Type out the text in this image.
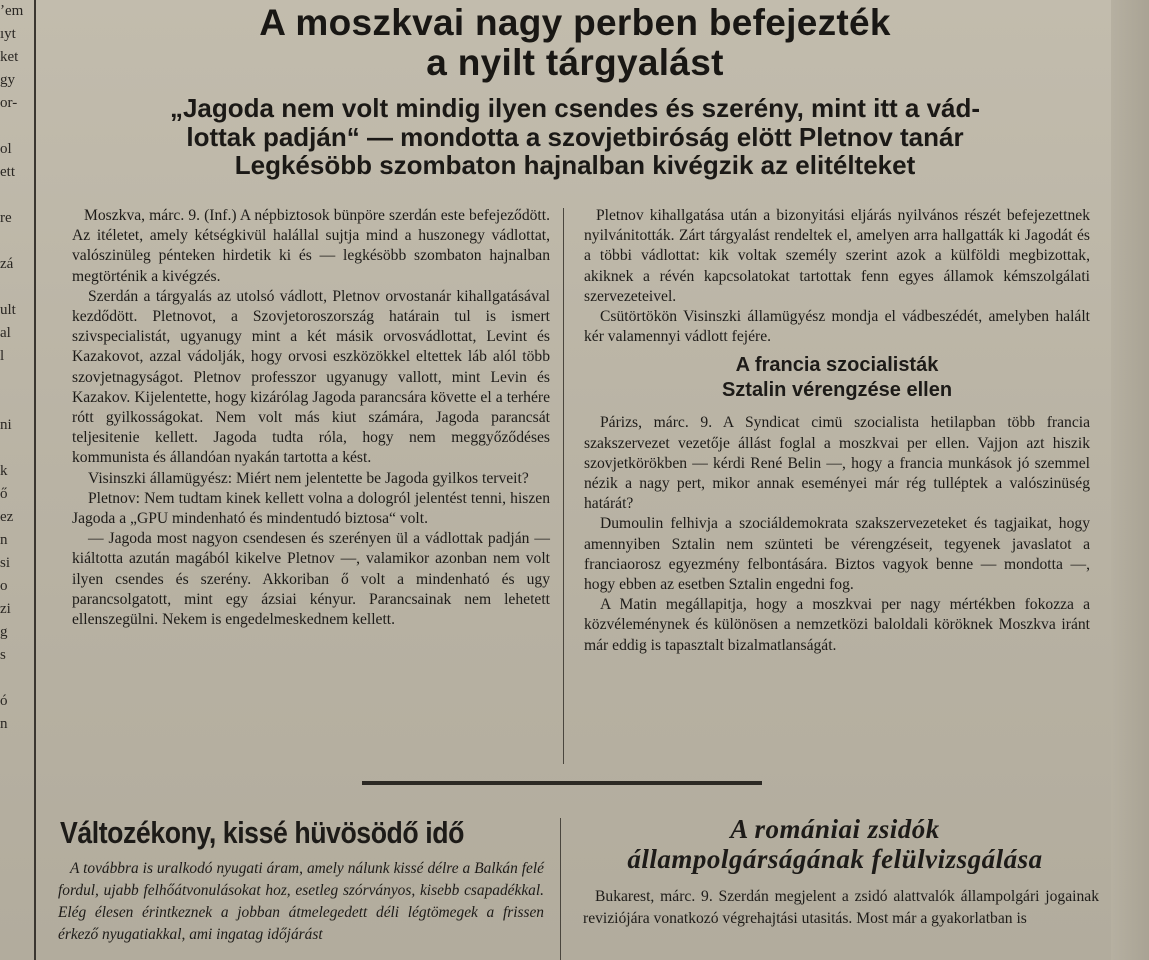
ʼem
ıyt
ket
gy
or-

ol
ett

re

zá

ult
al
l

ni

k
ő
ez
n
si
o
zi
g
s

ó
n
A moszkvai nagy perben befejezték
a nyilt tárgyalást
„Jagoda nem volt mindig ilyen csendes és szerény, mint itt a vád-
lottak padján“ — mondotta a szovjetbiróság elött Pletnov tanár
Legkésöbb szombaton hajnalban kivégzik az elitélteket

Moszkva, márc. 9. (Inf.) A népbiztosok bünpöre szerdán este befejeződött. Az itéletet, amely kétségkivül halállal sujtja mind a huszonegy vádlottat, valószinüleg pénteken hirdetik ki és — legkésöbb szombaton hajnalban megtörténik a kivégzés.

Szerdán a tárgyalás az utolsó vádlott, Pletnov orvostanár kihallgatásával kezdődött. Pletnovot, a Szovjetoroszország határain tul is ismert szivspecialistát, ugyanugy mint a két másik orvosvádlottat, Levint és Kazakovot, azzal vádolják, hogy orvosi eszközökkel eltettek láb alól több szovjetnagyságot. Pletnov professzor ugyanugy vallott, mint Levin és Kazakov. Kijelentette, hogy kizárólag Jagoda parancsára követte el a terhére rótt gyilkosságokat. Nem volt más kiut számára, Jagoda parancsát teljesitenie kellett. Jagoda tudta róla, hogy nem meggyőződéses kommunista és állandóan nyakán tartotta a kést.

Visinszki államügyész: Miért nem jelentette be Jagoda gyilkos terveit?

Pletnov: Nem tudtam kinek kellett volna a dologról jelentést tenni, hiszen Jagoda a „GPU mindenható és mindentudó biztosa“ volt.

— Jagoda most nagyon csendesen és szerényen ül a vádlottak padján — kiáltotta azután magából kikelve Pletnov —, valamikor azonban nem volt ilyen csendes és szerény. Akkoriban ő volt a mindenható és ugy parancsolgatott, mint egy ázsiai kényur. Parancsainak nem lehetett ellenszegülni. Nekem is engedelmeskednem kellett.

Pletnov kihallgatása után a bizonyitási eljárás nyilvános részét befejezettnek nyilvánitották. Zárt tárgyalást rendeltek el, amelyen arra hallgatták ki Jagodát és a többi vádlottat: kik voltak személy szerint azok a külföldi megbizottak, akiknek a révén kapcsolatokat tartottak fenn egyes államok kémszolgálati szervezeteivel.

Csütörtökön Visinszki államügyész mondja el vádbeszédét, amelyben halált kér valamennyi vádlott fejére.

A francia szocialisták
Sztalin vérengzése ellen

Párizs, márc. 9. A Syndicat cimü szocialista hetilapban több francia szakszervezet vezetője állást foglal a moszkvai per ellen. Vajjon azt hiszik szovjetkörökben — kérdi René Belin —, hogy a francia munkások jó szemmel nézik a nagy pert, mikor annak eseményei már rég tulléptek a valószinüség határát?

Dumoulin felhivja a szociáldemokrata szakszervezeteket és tagjaikat, hogy amennyiben Sztalin nem szünteti be vérengzéseit, tegyenek javaslatot a franciaorosz egyezmény felbontására. Biztos vagyok benne — mondotta —, hogy ebben az esetben Sztalin engedni fog.

A Matin megállapitja, hogy a moszkvai per nagy mértékben fokozza a közvéleménynek és különösen a nemzetközi baloldali köröknek Moszkva iránt már eddig is tapasztalt bizalmatlanságát.

Változékony, kissé hüvösödő idő

A továbbra is uralkodó nyugati áram, amely nálunk kissé délre a Balkán felé fordul, ujabb felhőátvonulásokat hoz, esetleg szórványos, kisebb csapadékkal. Elég élesen érintkeznek a jobban átmelegedett déli légtömegek a frissen érkező nyugatiakkal, ami ingatag időjárást

A romániai zsidók
állampolgárságának felülvizsgálása

Bukarest, márc. 9. Szerdán megjelent a zsidó alattvalók állampolgári jogainak reviziójára vonatkozó végrehajtási utasitás. Most már a gyakorlatban is
